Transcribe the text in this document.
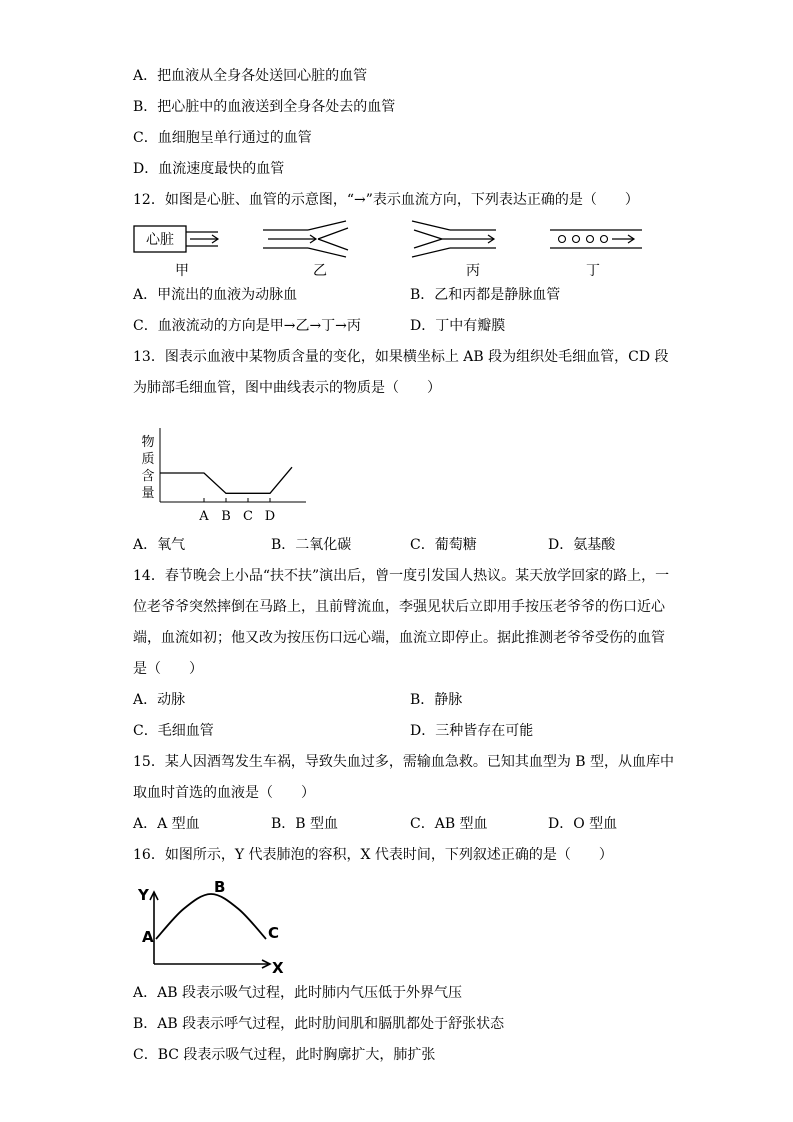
A．把血液从全身各处送回心脏的血管
B．把心脏中的血液送到全身各处去的血管
C．血细胞呈单行通过的血管
D．血流速度最快的血管
12．如图是心脏、血管的示意图，“→”表示血流方向，下列表达正确的是（　　）
心脏
甲	乙	丙	丁
A．甲流出的血液为动脉血	B．乙和丙都是静脉血管
C．血液流动的方向是甲→乙→丁→丙	D．丁中有瓣膜
13．图表示血液中某物质含量的变化，如果横坐标上 AB 段为组织处毛细血管，CD 段
为肺部毛细血管，图中曲线表示的物质是（　　）
物
质
含
量
A B C D
A．氧气	B．二氧化碳	C．葡萄糖	D．氨基酸
14．春节晚会上小品“扶不扶”演出后，曾一度引发国人热议。某天放学回家的路上，一
位老爷爷突然摔倒在马路上，且前臂流血，李强见状后立即用手按压老爷爷的伤口近心
端，血流如初；他又改为按压伤口远心端，血流立即停止。据此推测老爷爷受伤的血管
是（　　）
A．动脉	B．静脉
C．毛细血管	D．三种皆存在可能
15．某人因酒驾发生车祸，导致失血过多，需输血急救。已知其血型为 B 型，从血库中
取血时首选的血液是（　　）
A．A 型血	B．B 型血	C．AB 型血	D．O 型血
16．如图所示，Y 代表肺泡的容积，X 代表时间，下列叙述正确的是（　　）
Y
X
A
B
C
A．AB 段表示吸气过程，此时肺内气压低于外界气压
B．AB 段表示呼气过程，此时肋间肌和膈肌都处于舒张状态
C．BC 段表示吸气过程，此时胸廓扩大，肺扩张
